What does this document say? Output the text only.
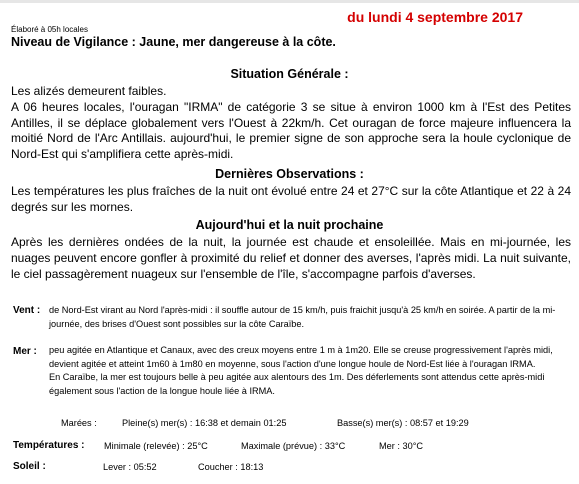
du lundi 4 septembre 2017
Élaboré à 05h locales
Niveau de Vigilance : Jaune, mer dangereuse à la côte.
Situation Générale :

Les alizés demeurent faibles.

A 06 heures locales, l'ouragan "IRMA" de catégorie 3 se situe à environ 1000 km à l'Est des Petites Antilles, il se déplace globalement vers l'Ouest à 22km/h. Cet ouragan de force majeure influencera la moitié Nord de l'Arc Antillais. aujourd'hui, le premier signe de son approche sera la houle cyclonique de Nord-Est qui s'amplifiera cette après-midi.

Dernières Observations :

Les températures les plus fraîches de la nuit ont évolué entre 24 et 27°C sur la côte Atlantique et 22 à 24 degrés sur les mornes.

Aujourd'hui et la nuit prochaine

Après les dernières ondées de la nuit, la journée est chaude et ensoleillée. Mais en mi-journée, les nuages peuvent encore gonfler à proximité du relief et donner des averses, l'après midi. La nuit suivante, le ciel passagèrement nuageux sur l'ensemble de l'île, s'accompagne parfois d'averses.

Vent : de Nord-Est virant au Nord l'après-midi : il souffle autour de 15 km/h, puis fraichit jusqu'à 25 km/h en soirée. A partir de la mi-journée, des brises d'Ouest sont possibles sur la côte Caraïbe.
Mer : peu agitée en Atlantique et Canaux, avec des creux moyens entre 1 m à 1m20. Elle se creuse progressivement l'après midi, devient agitée et atteint 1m60 à 1m80 en moyenne, sous l'action d'une longue houle de Nord-Est liée à l'ouragan IRMA.

En Caraïbe, la mer est toujours belle à peu agitée aux alentours des 1m. Des déferlements sont attendus cette après-midi également sous l'action de la longue houle liée à IRMA.

Marées :	Pleine(s) mer(s) : 16:38 et demain 01:25	Basse(s) mer(s) : 08:57 et 19:29
Températures : Minimale (relevée) : 25°C	Maximale (prévue) : 33°C	Mer : 30°C
Soleil :	Lever : 05:52	Coucher : 18:13
